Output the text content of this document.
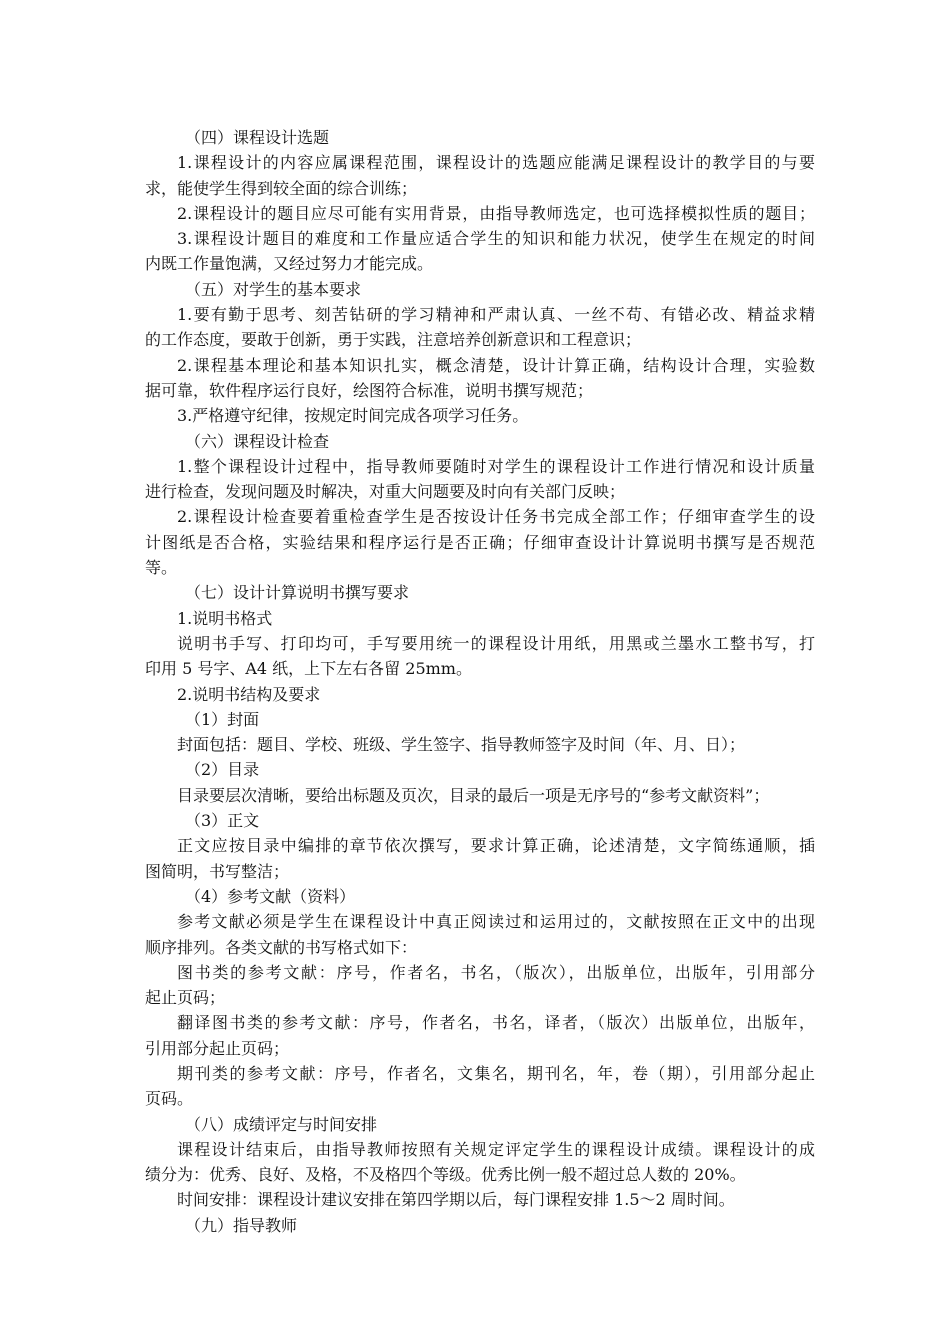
（四）课程设计选题
1.课程设计的内容应属课程范围，课程设计的选题应能满足课程设计的教学目的与要
求，能使学生得到较全面的综合训练；
2.课程设计的题目应尽可能有实用背景，由指导教师选定，也可选择模拟性质的题目；
3.课程设计题目的难度和工作量应适合学生的知识和能力状况，使学生在规定的时间
内既工作量饱满，又经过努力才能完成。
（五）对学生的基本要求
1.要有勤于思考、刻苦钻研的学习精神和严肃认真、一丝不苟、有错必改、精益求精
的工作态度，要敢于创新，勇于实践，注意培养创新意识和工程意识；
2.课程基本理论和基本知识扎实，概念清楚，设计计算正确，结构设计合理，实验数
据可靠，软件程序运行良好，绘图符合标准，说明书撰写规范；
3.严格遵守纪律，按规定时间完成各项学习任务。
（六）课程设计检查
1.整个课程设计过程中，指导教师要随时对学生的课程设计工作进行情况和设计质量
进行检查，发现问题及时解决，对重大问题要及时向有关部门反映；
2.课程设计检查要着重检查学生是否按设计任务书完成全部工作；仔细审查学生的设
计图纸是否合格，实验结果和程序运行是否正确；仔细审查设计计算说明书撰写是否规范
等。
（七）设计计算说明书撰写要求
1.说明书格式
说明书手写、打印均可，手写要用统一的课程设计用纸，用黑或兰墨水工整书写，打
印用 5 号字、A4 纸，上下左右各留 25mm。
2.说明书结构及要求
（1）封面
封面包括：题目、学校、班级、学生签字、指导教师签字及时间（年、月、日）；
（2）目录
目录要层次清晰，要给出标题及页次，目录的最后一项是无序号的“参考文献资料”；
（3）正文
正文应按目录中编排的章节依次撰写，要求计算正确，论述清楚，文字简练通顺，插
图简明，书写整洁；
（4）参考文献（资料）
参考文献必须是学生在课程设计中真正阅读过和运用过的，文献按照在正文中的出现
顺序排列。各类文献的书写格式如下：
图书类的参考文献：序号，作者名，书名，（版次），出版单位，出版年，引用部分
起止页码；
翻译图书类的参考文献：序号，作者名，书名，译者，（版次）出版单位，出版年，
引用部分起止页码；
期刊类的参考文献：序号，作者名，文集名，期刊名，年，卷（期），引用部分起止
页码。
（八）成绩评定与时间安排
课程设计结束后，由指导教师按照有关规定评定学生的课程设计成绩。课程设计的成
绩分为：优秀、良好、及格，不及格四个等级。优秀比例一般不超过总人数的 20%。
时间安排：课程设计建议安排在第四学期以后，每门课程安排 1.5～2 周时间。
（九）指导教师
